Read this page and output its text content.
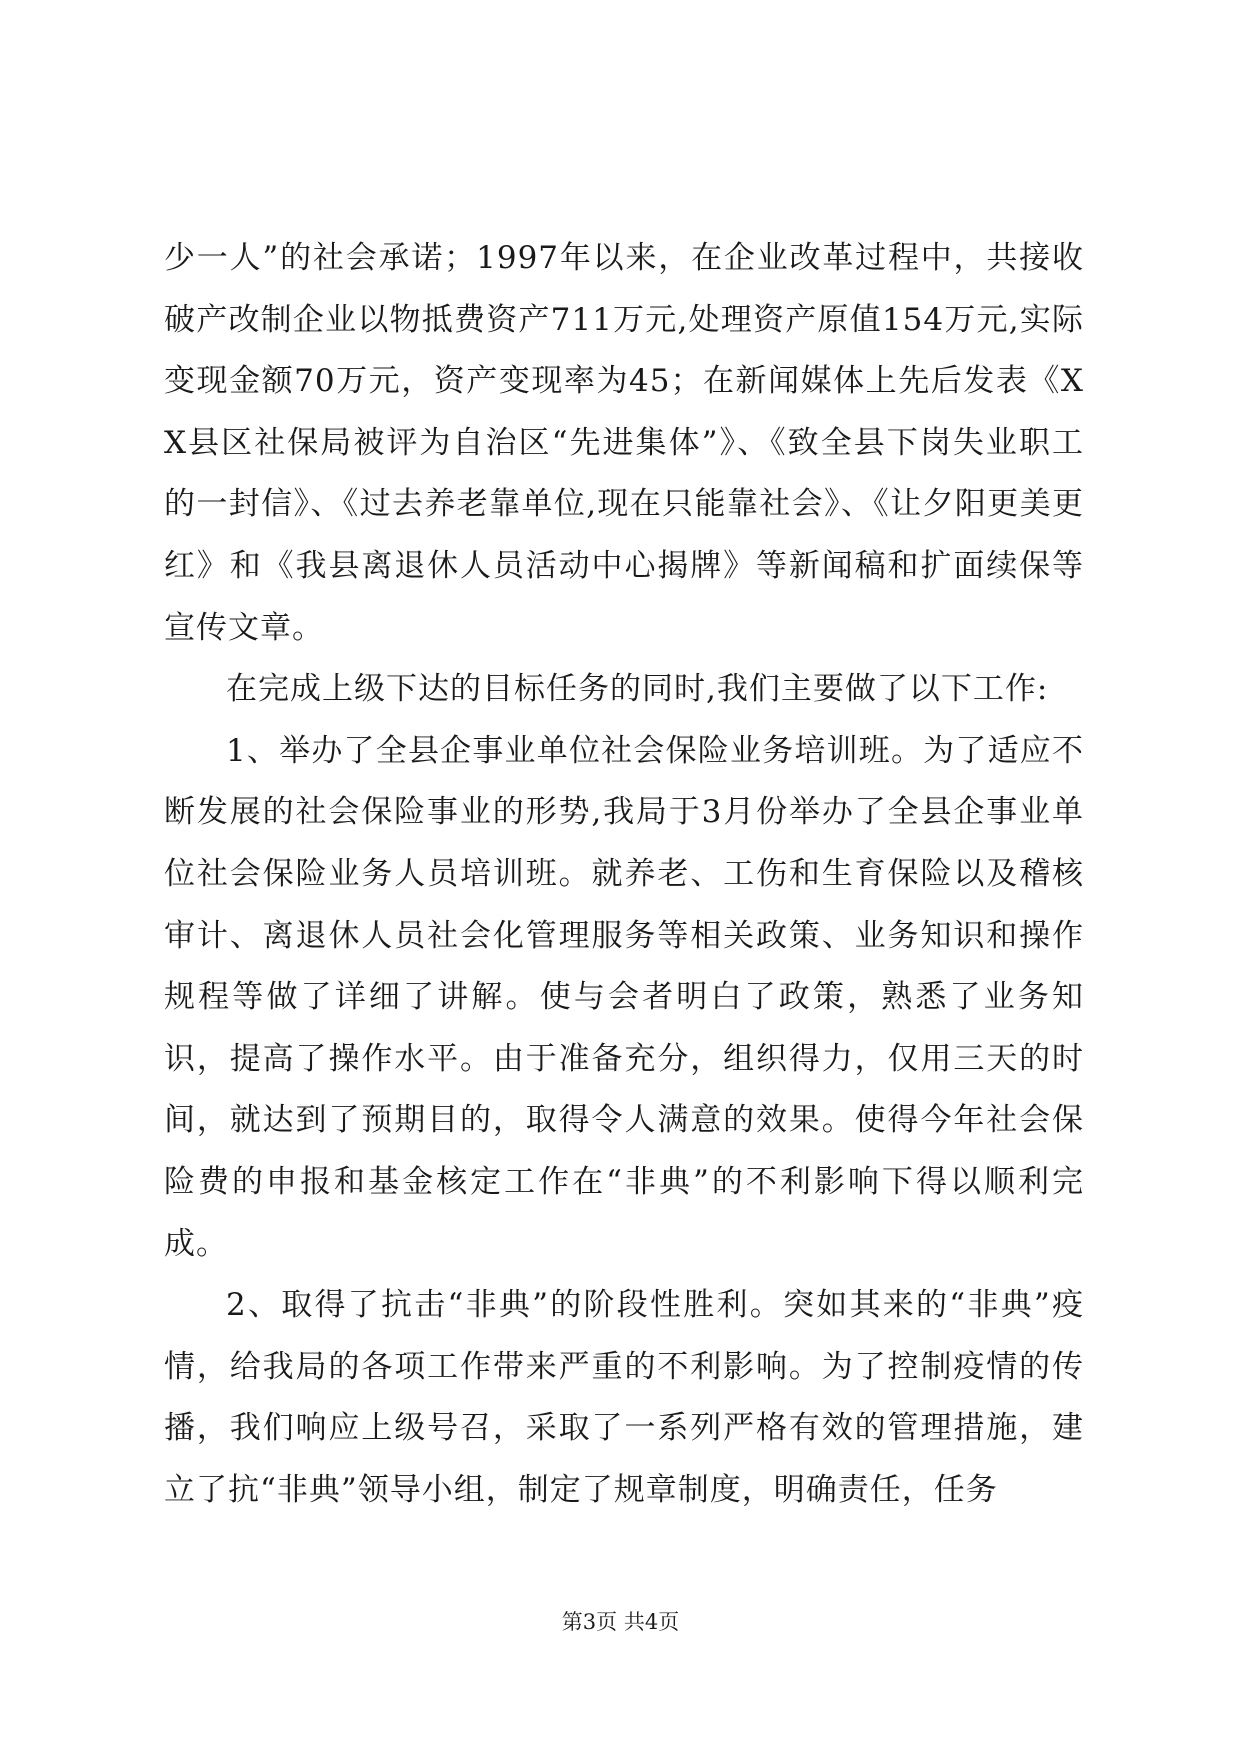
少一人”的社会承诺；1997年以来，在企业改革过程中，共接收破产改制企业以物抵费资产711万元,处理资产原值154万元,实际变现金额70万元，资产变现率为45；在新闻媒体上先后发表《XX县区社保局被评为自治区“先进集体”》、《致全县下岗失业职工的一封信》、《过去养老靠单位,现在只能靠社会》、《让夕阳更美更红》和《我县离退休人员活动中心揭牌》等新闻稿和扩面续保等宣传文章。

在完成上级下达的目标任务的同时,我们主要做了以下工作:

1、举办了全县企事业单位社会保险业务培训班。为了适应不断发展的社会保险事业的形势,我局于3月份举办了全县企事业单位社会保险业务人员培训班。就养老、工伤和生育保险以及稽核审计、离退休人员社会化管理服务等相关政策、业务知识和操作规程等做了详细了讲解。使与会者明白了政策，熟悉了业务知识，提高了操作水平。由于准备充分，组织得力，仅用三天的时间，就达到了预期目的，取得令人满意的效果。使得今年社会保险费的申报和基金核定工作在“非典”的不利影响下得以顺利完成。

2、取得了抗击“非典”的阶段性胜利。突如其来的“非典”疫情，给我局的各项工作带来严重的不利影响。为了控制疫情的传播，我们响应上级号召，采取了一系列严格有效的管理措施，建立了抗“非典”领导小组，制定了规章制度，明确责任，任务

第3页 共4页
